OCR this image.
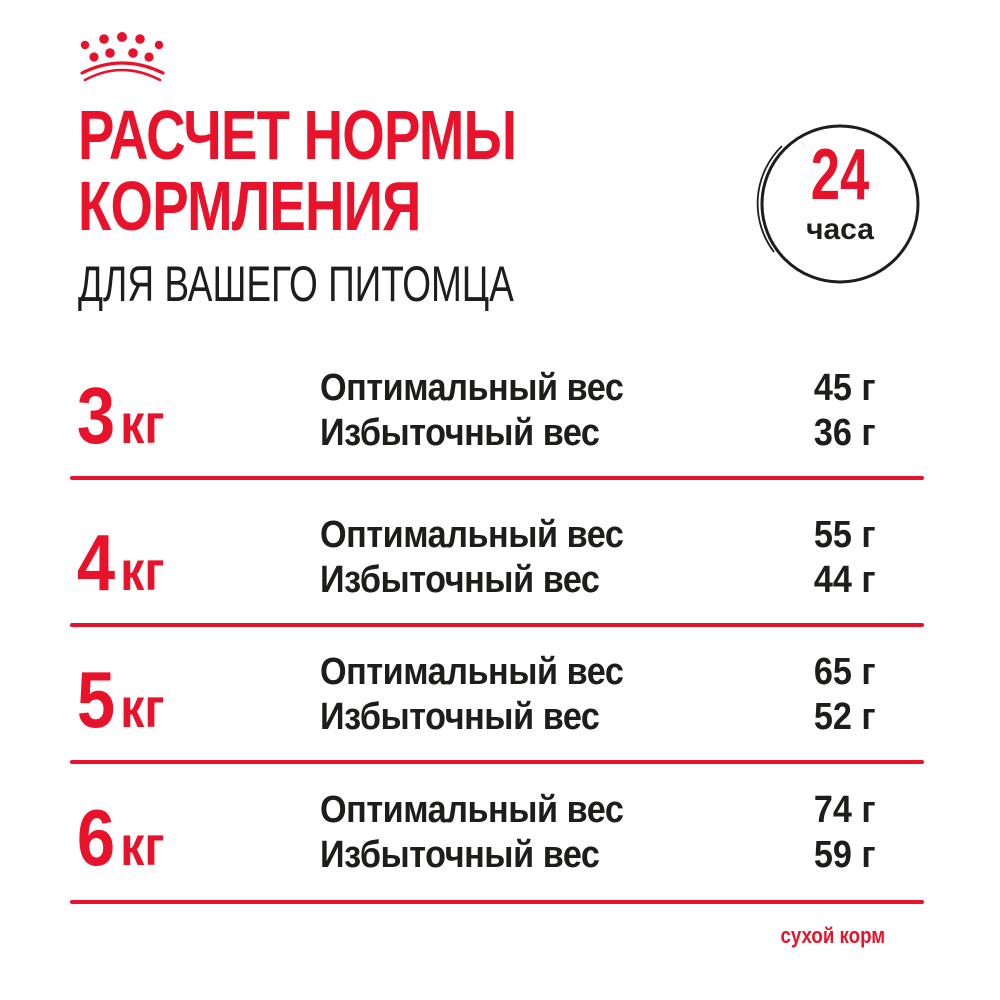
РАСЧЕТ НОРМЫ
КОРМЛЕНИЯ
ДЛЯ ВАШЕГО ПИТОМЦА
24
часа
3кг
Оптимальный вес	45 г
Избыточный вес	36 г
4кг
Оптимальный вес	55 г
Избыточный вес	44 г
5кг
Оптимальный вес	65 г
Избыточный вес	52 г
6кг
Оптимальный вес	74 г
Избыточный вес	59 г
сухой корм
